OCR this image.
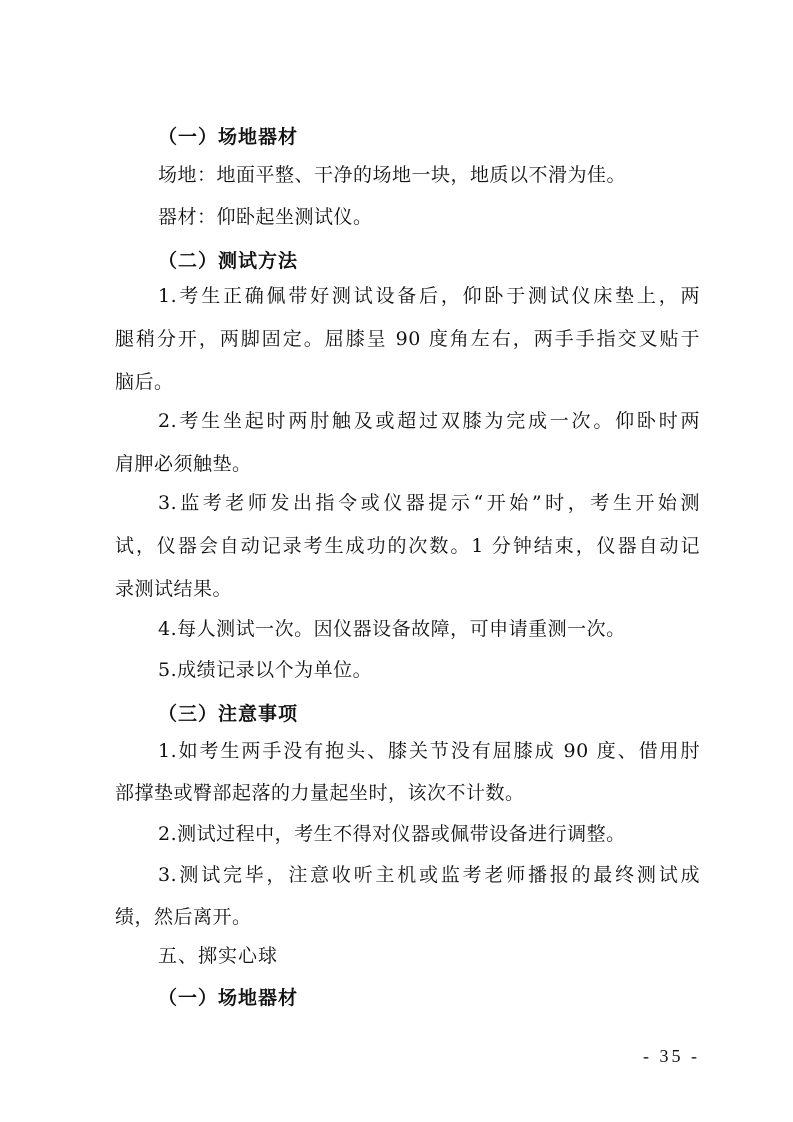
（一）场地器材
场地：地面平整、干净的场地一块，地质以不滑为佳。
器材：仰卧起坐测试仪。
（二）测试方法
1.考生正确佩带好测试设备后，仰卧于测试仪床垫上，两
腿稍分开，两脚固定。屈膝呈 90 度角左右，两手手指交叉贴于
脑后。
2.考生坐起时两肘触及或超过双膝为完成一次。仰卧时两
肩胛必须触垫。
3.监考老师发出指令或仪器提示“开始”时，考生开始测
试，仪器会自动记录考生成功的次数。1 分钟结束，仪器自动记
录测试结果。
4.每人测试一次。因仪器设备故障，可申请重测一次。
5.成绩记录以个为单位。
（三）注意事项
1.如考生两手没有抱头、膝关节没有屈膝成 90 度、借用肘
部撑垫或臀部起落的力量起坐时，该次不计数。
2.测试过程中，考生不得对仪器或佩带设备进行调整。
3.测试完毕，注意收听主机或监考老师播报的最终测试成
绩，然后离开。
五、掷实心球
（一）场地器材
- 35 -
